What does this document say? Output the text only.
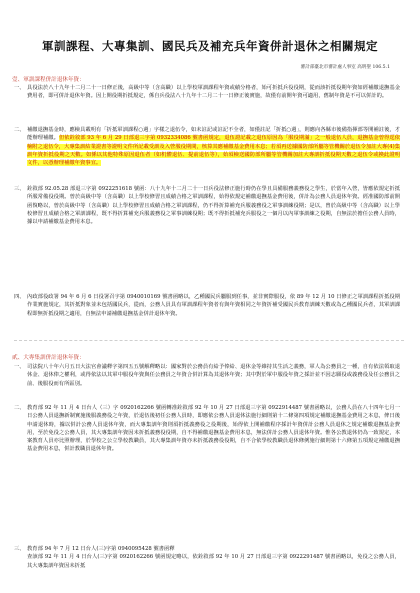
軍訓課程、大專集訓、國民兵及補充兵年資併計退休之相關規定
審計部臺北市審計處人事室 高明聖 106.5.1
壹、軍訓課程併計退休年資：
一、 具役法於八十九年十二月二十一日修正後，高級中等（含高職）以上學校軍訓課程年資或績分格者，始可折抵兵役役期，從而該折抵役期年資如經補繳退撫基金費用者，即可併計退休年資。因上開役期折抵規定，係自兵役法八十九年十二月二十一日修正後實施，故僅有前開年資可適用，舊制年資是不可以併計的。
二、 補繳退撫基金時，應檢具載明有「折抵軍訓課程○週」字樣之退伍令，如未註記或註記不全者，如僅註記「折抵○週」，則應向各縣市後備指揮部等開補註後，才能辦理補繳。但依銓敘部 93 年 6 月 29 日部退三字第 0932334086 號書函規定，退伍證記載之退伍原因為「服役期滿」之一般退伍人員，退撫基金曾得逕依檢附之退伍令，大專集訓結業證書等證明文件所記載受訓及入營服役期間，核算其應補繳基金費用本息；若須再送據國防部所屬等管機關於退伍令加註大專(4)集訓年資折抵役期之天數。如係以其他特殊原因退伍者（如机體退伍、提前退伍等），始須檢送國防部所屬等管機關加註大專訓折抵役期天數之退伍令或換此證明文件，以憑辦理補繳年資事宜。
三、 銓敘部 92.05.28 部退三字第 0922251618 號函：八十九年十二月二十一日兵役法修正施行時仍在學且具備服務義務役之學生，於當年入營，皆應依規定折抵所服常備役役期。曾於高級中等（含高職）以上學校修習且成績合格之軍訓課程，始得依規定補繳退撫基金費用後，併計為公務人員退休年資。經准國防部前開函復略以，曾於高級中等（含高職）以上學校修習且成績合格之軍訓課程，仍不得折算補充兵服義務役之軍事訓練役期；是以，曾於高級中等（含高職）以上學校修習且成績合格之軍訓課程，既不得折算補充兵服義務役之軍事訓練役期；既不得折抵補充兵服役之一個月以內軍事訓練之役期，自無法於擔任公務人員時，據以申請補繳基金費用本息。
四、 內政部役政署 94 年 6 月 6 日役署召字第 0940010169 號書函略以，乙種國民兵屬服到任事，並非實際服役，依 89 年 12 月 10 日修正之軍訓課程折抵役期作業實施規定，其折抵對象並未包括國民兵，從而，公務人員具有軍訓課程年資者有與年資相同之年資折補受國民兵教育訓練天數或為乙種國民兵者，其軍訓課程即無折抵役期之適用，自無法申請補繳退撫基金併計退休年資。
貳、大專集訓併計退休年資：
一、 司法院八十年六月五日大法官會議釋字第四五五號解釋略以：國家對於公務員有給予俸給、退休金等維持其生活之義務，軍人為公務員之一種，自有依法領取退休金、退休俸之權利，或得依法以其軍中服役年資與任公務員之年資合併計算為其退休年資；其中對於軍中服役年資之採計並不因志願役或義務役及任公務員之前、後服役而有所區別。
二、 教育部 92 年 11 月 4 日台人（三）字 0920162266 號函轉准銓敘部 92 年 10 月 27 日部退三字第 0922914487 號書函略以，公務人員在八十四年七月一日公務人員退撫新制實施後服義務役之年資，於退伍後初任公務人員時，即應依公務人員退休法施行細則第十二條第四項規定補繳退撫基金費用之本息，俾日後申請退休時，據以併計公務人員退休年資，而大專集訓年資則須折抵義務役之役期後，始得依上開補繳程序採計年資併計公務人員退休之規定補繳退撫基金費用，至於免役之公務人員，其大專集訓年資因未折抵義務役役期，自不得補繳退撫基金費用本息，無法併計公務人員退休年資。惟各公教退休仍為一致規定，本案教育人員亦比照辦理，於學校之公立學校教職員，其大專集訓年資亦未折抵義務役役期，自不合依學校教職員退休條例施行細則第十六條第五項規定補繳退撫基金費用本息，併計教職員退休年資。
三、 教育部 94 年 7 月 12 日台人(三)字第 0940095428 號書函釋
查該部 92 年 11 月 4 日台人(三)字第 0920162266 號函規定略以，依銓敘部 92 年 10 月 27 日部退三字第 0922291487 號書函略以，免役之公務人員，其大專集訓年資因未折抵
